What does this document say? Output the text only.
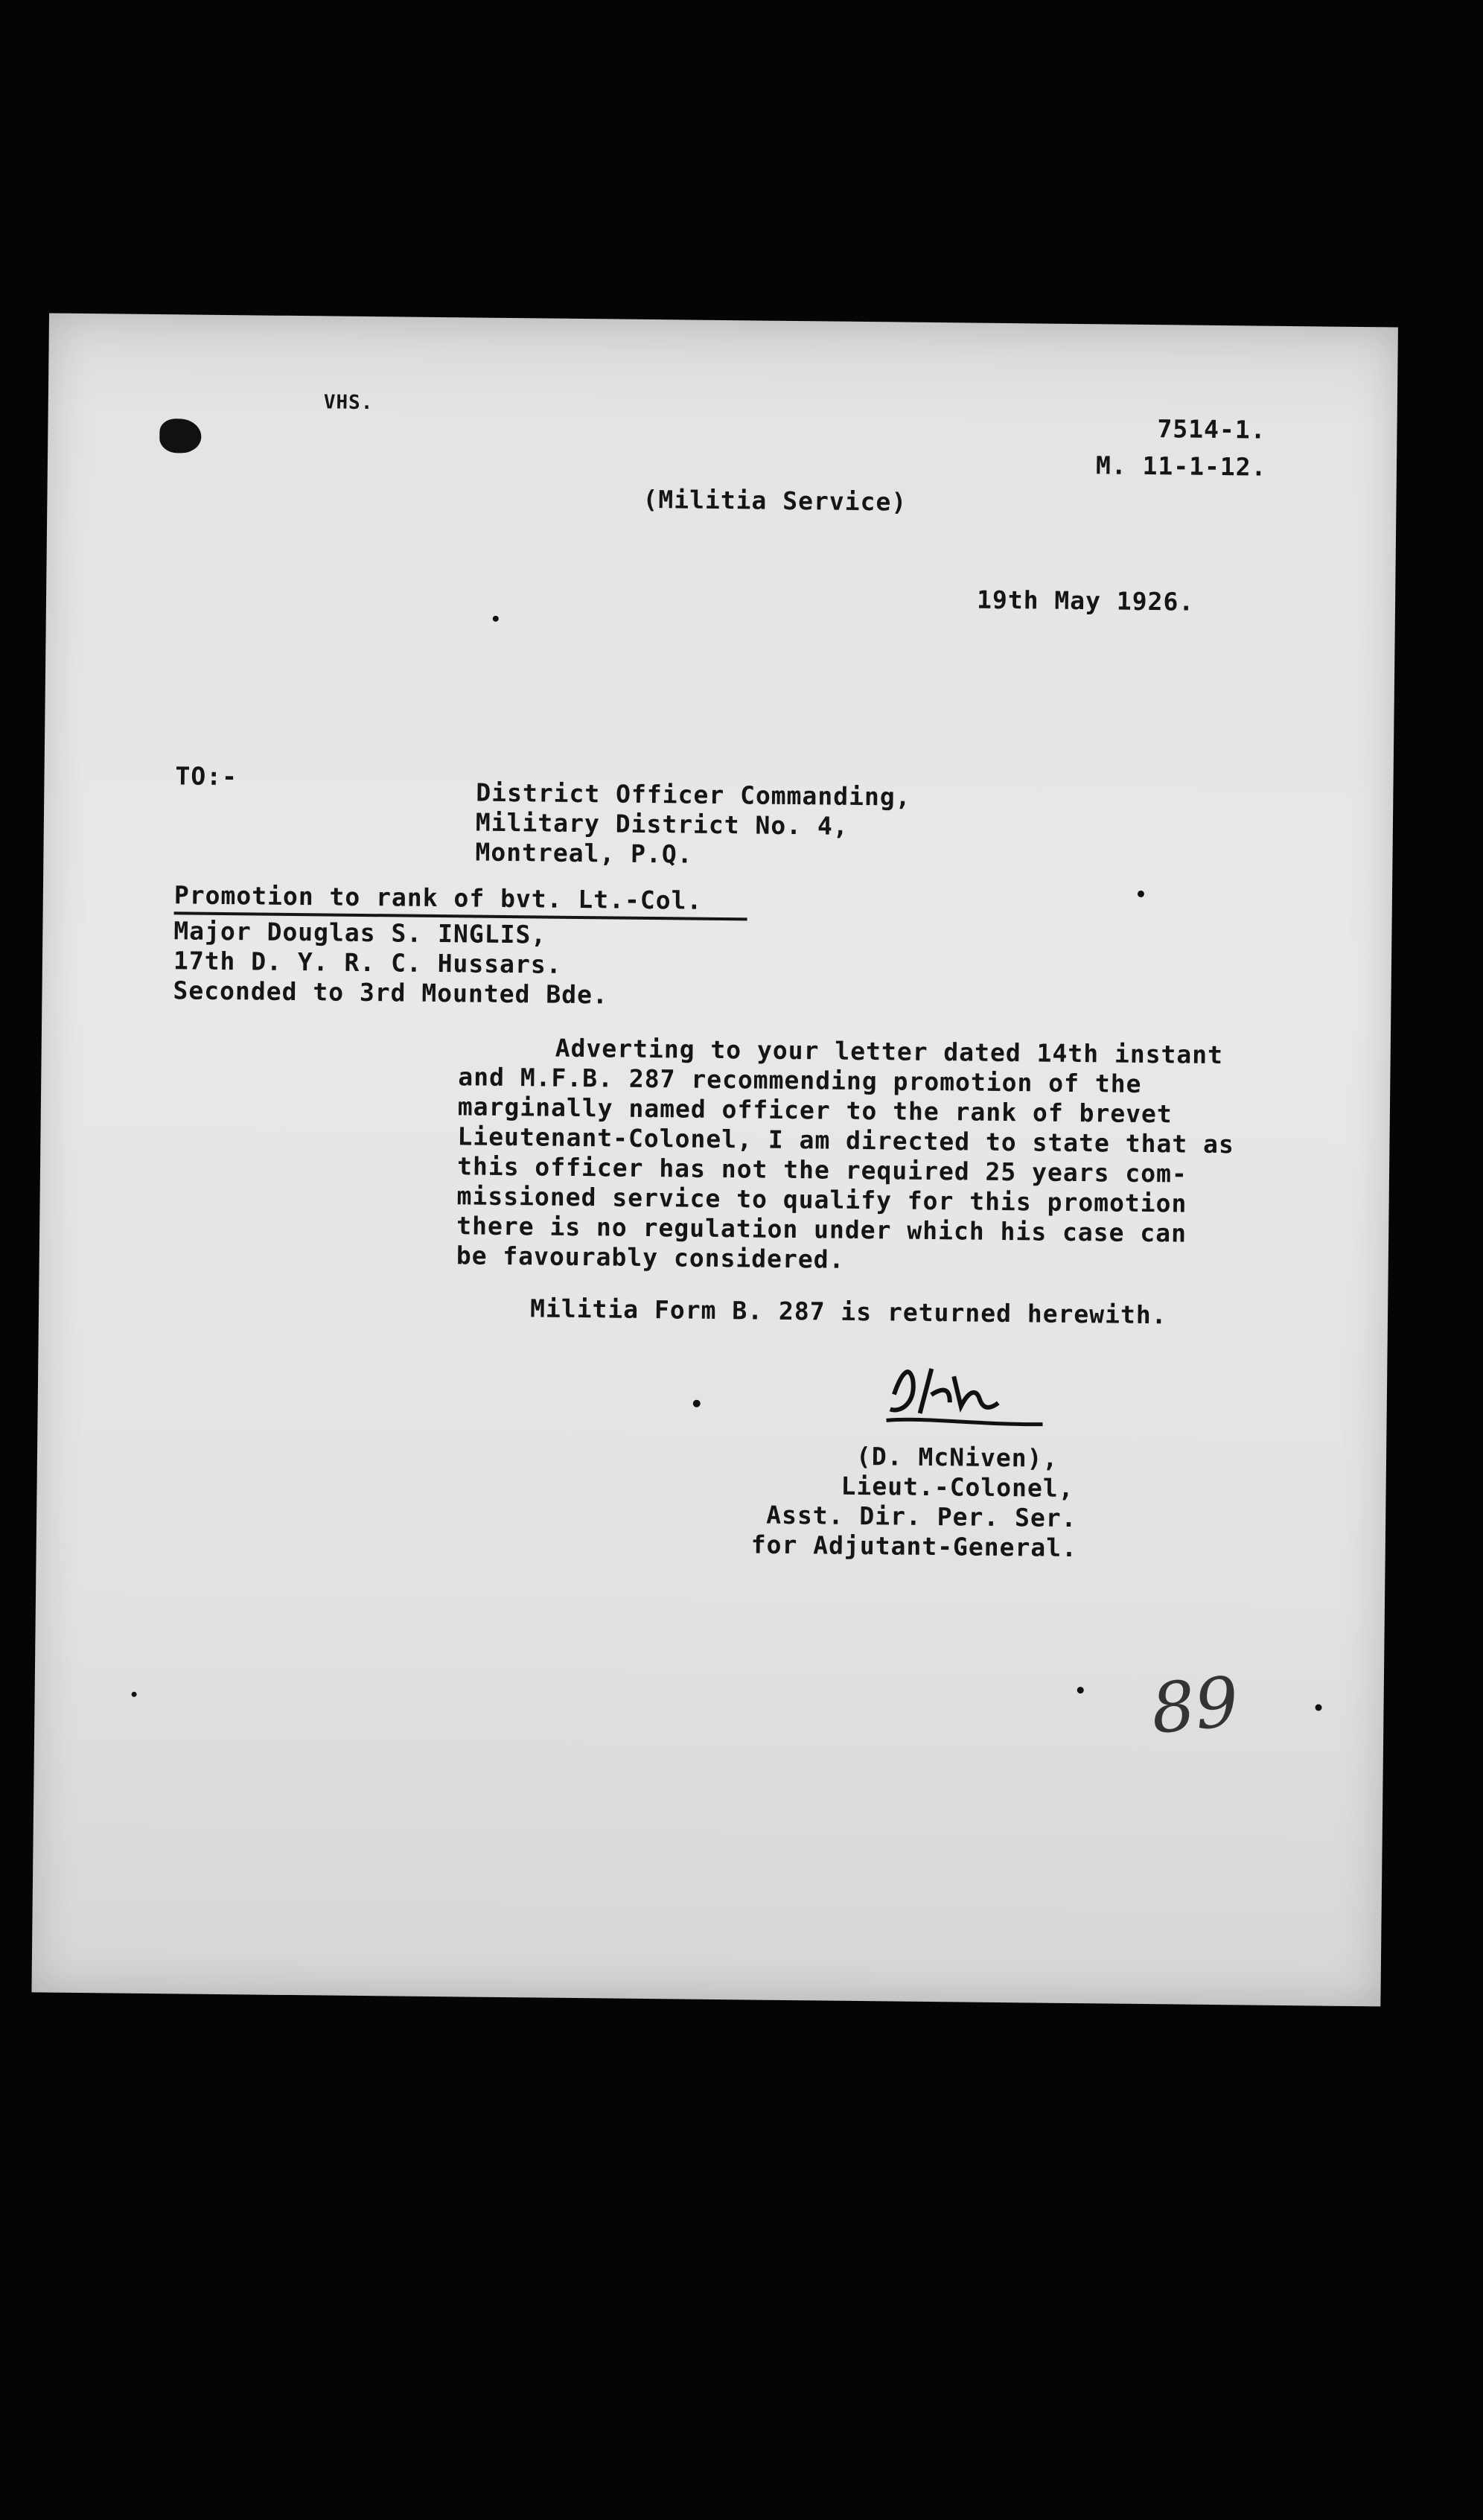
VHS.
7514-1.
M. 11-1-12.
(Militia Service)
19th May 1926.
TO:-
District Officer Commanding,
Military District No. 4,
Montreal, P.Q.
Promotion to rank of bvt. Lt.-Col.
Major Douglas S. INGLIS,
17th D. Y. R. C. Hussars.
Seconded to 3rd Mounted Bde.
Adverting to your letter dated 14th instant
and M.F.B. 287 recommending promotion of the
marginally named officer to the rank of brevet
Lieutenant-Colonel, I am directed to state that as
this officer has not the required 25 years com-
missioned service to qualify for this promotion
there is no regulation under which his case can
be favourably considered.
Militia Form B. 287 is returned herewith.
(D. McNiven),
Lieut.-Colonel,
Asst. Dir. Per. Ser.
for Adjutant-General.
89
